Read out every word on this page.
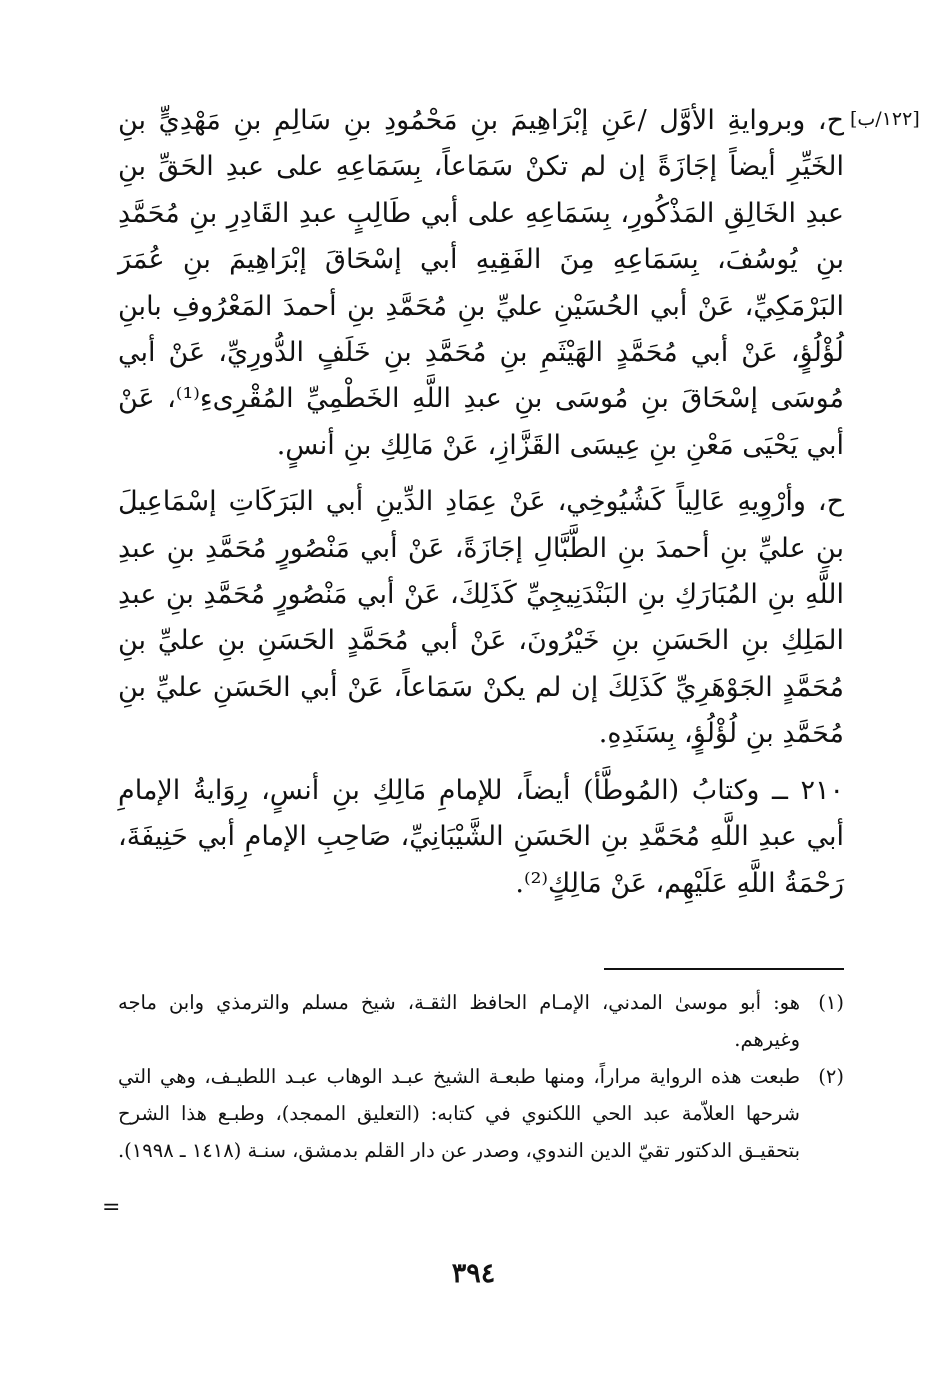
[١٢٢/ب]

ح، وبروايةِ الأوَّل /عَنِ إبْرَاهِيمَ بنِ مَحْمُودِ بنِ سَالِمِ بنِ مَهْدِيٍّ بنِ الخَيِّرِ أيضاً إجَازَةً إن لم تكنْ سَمَاعاً، بِسَمَاعِهِ على عبدِ الحَقِّ بنِ عبدِ الخَالِقِ المَذْكُورِ، بِسَمَاعِهِ على أبي طَالِبٍ عبدِ القَادِرِ بنِ مُحَمَّدِ بنِ يُوسُفَ، بِسَمَاعِهِ مِنَ الفَقِيهِ أبي إسْحَاقَ إبْرَاهِيمَ بنِ عُمَرَ البَرْمَكِيِّ، عَنْ أبي الحُسَيْنِ عليِّ بنِ مُحَمَّدِ بنِ أحمدَ المَعْرُوفِ بابنِ لُؤْلُؤٍ، عَنْ أبي مُحَمَّدٍ الهَيْثَمِ بنِ مُحَمَّدِ بنِ خَلَفٍ الدُّورِيِّ، عَنْ أبي مُوسَى إسْحَاقَ بنِ مُوسَى بنِ عبدِ اللَّهِ الخَطْمِيِّ المُقْرِىءِ⁽¹⁾، عَنْ أبي يَحْيَى مَعْنِ بنِ عِيسَى القَزَّازِ، عَنْ مَالِكِ بنِ أنسٍ.

ح، وأرْوِيهِ عَالِياً كَشُيُوخِي، عَنْ عِمَادِ الدِّينِ أبي البَرَكَاتِ إسْمَاعِيلَ بنِ عليِّ بنِ أحمدَ بنِ الطَّبَّالِ إجَازَةً، عَنْ أبي مَنْصُورٍ مُحَمَّدِ بنِ عبدِ اللَّهِ بنِ المُبَارَكِ بنِ البَنْدَنِيجِيِّ كَذَلِكَ، عَنْ أبي مَنْصُورٍ مُحَمَّدِ بنِ عبدِ المَلِكِ بنِ الحَسَنِ بنِ خَيْرُونَ، عَنْ أبي مُحَمَّدٍ الحَسَنِ بنِ عليِّ بنِ مُحَمَّدٍ الجَوْهَرِيِّ كَذَلِكَ إن لم يكنْ سَمَاعاً، عَنْ أبي الحَسَنِ عليِّ بنِ مُحَمَّدِ بنِ لُؤْلُؤٍ، بِسَنَدِهِ.

٢١٠ ــ وكتابُ (المُوطَّأ) أيضاً، للإمامِ مَالِكِ بنِ أنسٍ، رِوَايةُ الإمامِ أبي عبدِ اللَّهِ مُحَمَّدِ بنِ الحَسَنِ الشَّيْبَانِيِّ، صَاحِبِ الإمامِ أبي حَنِيفَةَ، رَحْمَةُ اللَّهِ عَلَيْهِم، عَنْ مَالِكٍ⁽²⁾.

(١)
هو: أبو موسىٰ المدني، الإمـام الحافظ الثقـة، شيخ مسلم والترمذي وابن ماجه وغيرهم.
(٢)
طبعت هذه الرواية مراراً، ومنها طبعـة الشيخ عبـد الوهاب عبـد اللطيـف، وهي التي شرحها العلاّمة عبد الحي اللكنوي في كتابه: (التعليق الممجد)، وطبـع هذا الشرح بتحقيـق الدكتور تقيّ الدين الندوي، وصدر عن دار القلم بدمشق، سنـة (١٤١٨ ـ ١٩٩٨).
=
٣٩٤
